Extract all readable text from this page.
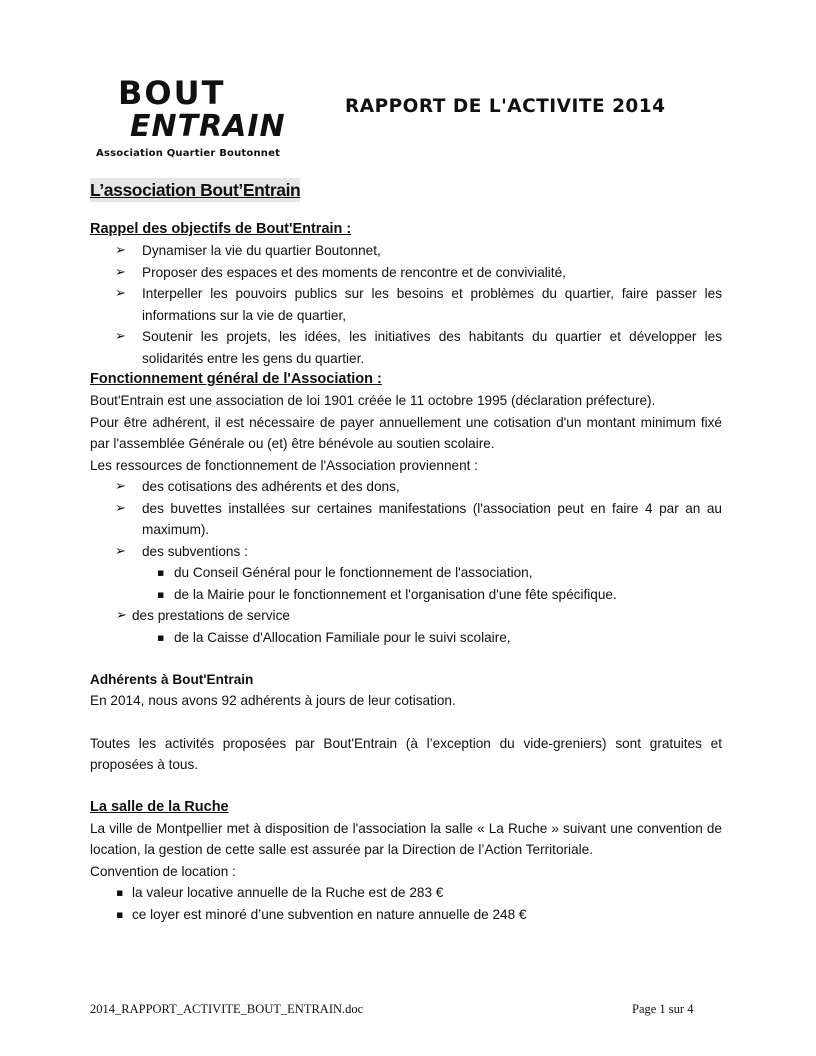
BOUT
ENTRAIN
Association Quartier Boutonnet
RAPPORT DE L'ACTIVITE 2014
L’association Bout’Entrain
Rappel des objectifs de Bout'Entrain :
➢ Dynamiser la vie du quartier Boutonnet,
➢ Proposer des espaces et des moments de rencontre et de convivialité,
➢ Interpeller les pouvoirs publics sur les besoins et problèmes du quartier, faire passer les informations sur la vie de quartier,
➢ Soutenir les projets, les idées, les initiatives des habitants du quartier et développer les solidarités entre les gens du quartier.
Fonctionnement général de l'Association :

Bout'Entrain est une association de loi 1901 créée le 11 octobre 1995 (déclaration préfecture).

Pour être adhérent, il est nécessaire de payer annuellement une cotisation d'un montant minimum fixé par l'assemblée Générale ou (et) être bénévole au soutien scolaire.

Les ressources de fonctionnement de l'Association proviennent :

➢ des cotisations des adhérents et des dons,
➢ des buvettes installées sur certaines manifestations (l'association peut en faire 4 par an au maximum).
➢ des subventions :
▪ du Conseil Général pour le fonctionnement de l'association,
▪ de la Mairie pour le fonctionnement et l'organisation d'une fête spécifique.
➢ des prestations de service
▪ de la Caisse d'Allocation Familiale pour le suivi scolaire,
Adhérents à Bout'Entrain

En 2014, nous avons 92 adhérents à jours de leur cotisation.

Toutes les activités proposées par Bout'Entrain (à l’exception du vide-greniers) sont gratuites et proposées à tous.

La salle de la Ruche

La ville de Montpellier met à disposition de l'association la salle « La Ruche » suivant une convention de location, la gestion de cette salle est assurée par la Direction de l’Action Territoriale.

Convention de location :

▪ la valeur locative annuelle de la Ruche est de 283 €
▪ ce loyer est minoré d’une subvention en nature annuelle de 248 €
2014_RAPPORT_ACTIVITE_BOUT_ENTRAIN.doc	Page 1 sur 4
